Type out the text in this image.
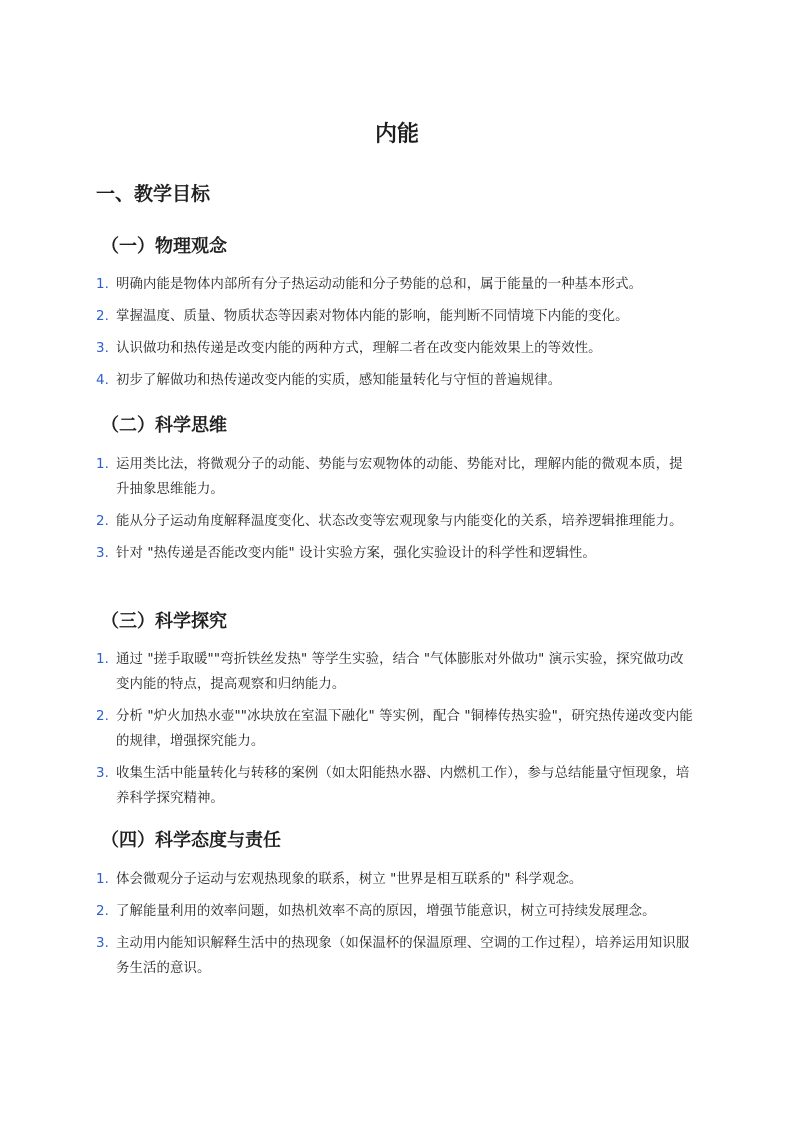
内能
一、教学目标
（一）物理观念
1. 明确内能是物体内部所有分子热运动动能和分子势能的总和，属于能量的一种基本形式。
2. 掌握温度、质量、物质状态等因素对物体内能的影响，能判断不同情境下内能的变化。
3. 认识做功和热传递是改变内能的两种方式，理解二者在改变内能效果上的等效性。
4. 初步了解做功和热传递改变内能的实质，感知能量转化与守恒的普遍规律。
（二）科学思维
1. 运用类比法，将微观分子的动能、势能与宏观物体的动能、势能对比，理解内能的微观本质，提升抽象思维能力。
2. 能从分子运动角度解释温度变化、状态改变等宏观现象与内能变化的关系，培养逻辑推理能力。
3. 针对 "热传递是否能改变内能" 设计实验方案，强化实验设计的科学性和逻辑性。
（三）科学探究
1. 通过 "搓手取暖""弯折铁丝发热" 等学生实验，结合 "气体膨胀对外做功" 演示实验，探究做功改变内能的特点，提高观察和归纳能力。
2. 分析 "炉火加热水壶""冰块放在室温下融化" 等实例，配合 "铜棒传热实验"，研究热传递改变内能的规律，增强探究能力。
3. 收集生活中能量转化与转移的案例（如太阳能热水器、内燃机工作），参与总结能量守恒现象，培养科学探究精神。
（四）科学态度与责任
1. 体会微观分子运动与宏观热现象的联系，树立 "世界是相互联系的" 科学观念。
2. 了解能量利用的效率问题，如热机效率不高的原因，增强节能意识，树立可持续发展理念。
3. 主动用内能知识解释生活中的热现象（如保温杯的保温原理、空调的工作过程），培养运用知识服务生活的意识。
